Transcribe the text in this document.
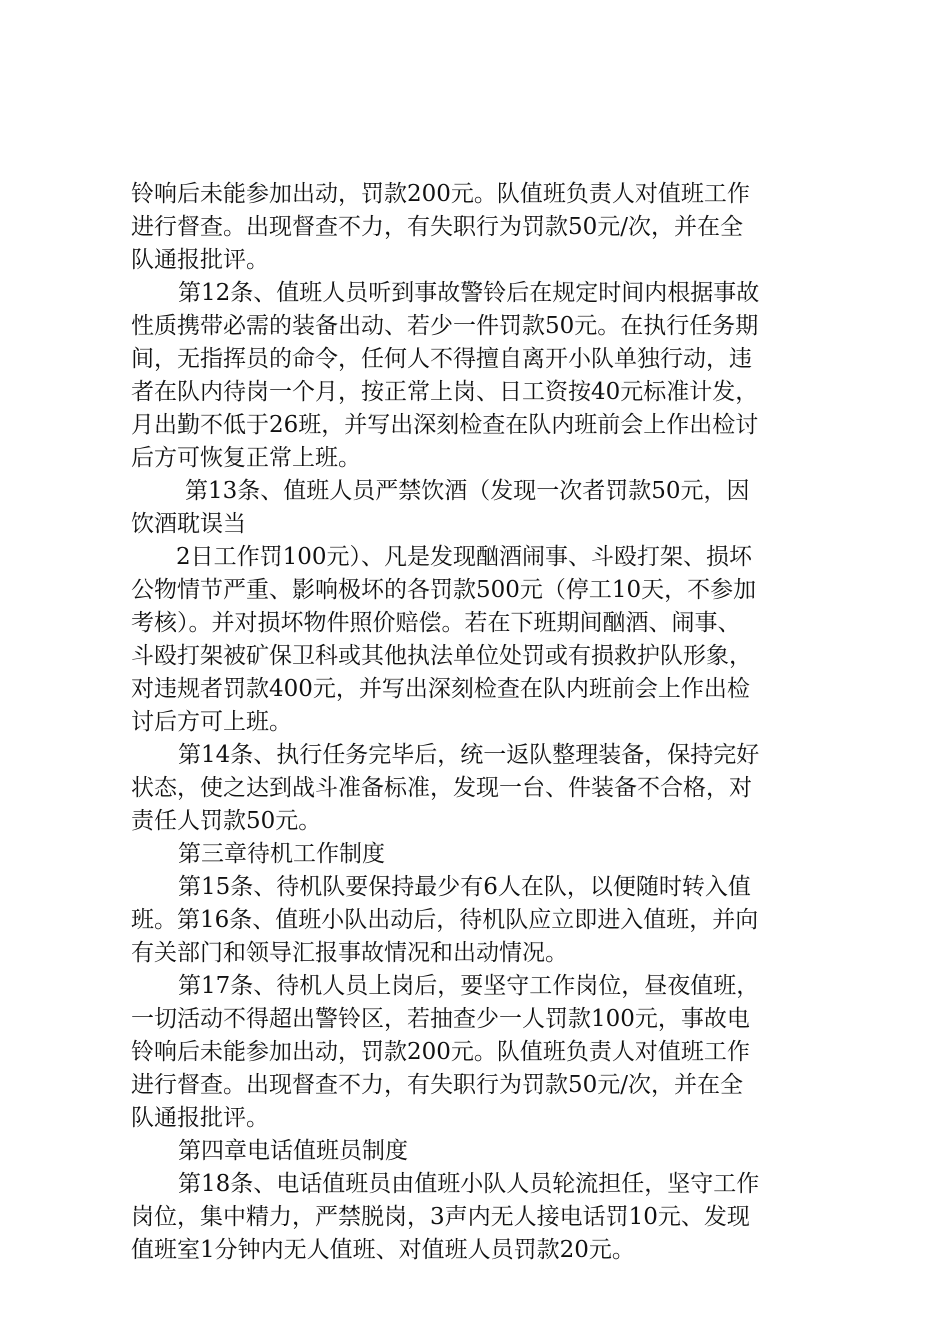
铃响后未能参加出动，罚款200元。队值班负责人对值班工作
进行督查。出现督查不力，有失职行为罚款50元/次，并在全
队通报批评。
第12条、值班人员听到事故警铃后在规定时间内根据事故
性质携带必需的装备出动、若少一件罚款50元。在执行任务期
间，无指挥员的命令，任何人不得擅自离开小队单独行动，违
者在队内待岗一个月，按正常上岗、日工资按40元标准计发，
月出勤不低于26班，并写出深刻检查在队内班前会上作出检讨
后方可恢复正常上班。
第13条、值班人员严禁饮酒（发现一次者罚款50元，因
饮酒耽误当
2日工作罚100元）、凡是发现酗酒闹事、斗殴打架、损坏
公物情节严重、影响极坏的各罚款500元（停工10天，不参加
考核）。并对损坏物件照价赔偿。若在下班期间酗酒、闹事、
斗殴打架被矿保卫科或其他执法单位处罚或有损救护队形象，
对违规者罚款400元，并写出深刻检查在队内班前会上作出检
讨后方可上班。
第14条、执行任务完毕后，统一返队整理装备，保持完好
状态，使之达到战斗准备标准，发现一台、件装备不合格，对
责任人罚款50元。
第三章待机工作制度
第15条、待机队要保持最少有6人在队，以便随时转入值
班。第16条、值班小队出动后，待机队应立即进入值班，并向
有关部门和领导汇报事故情况和出动情况。
第17条、待机人员上岗后，要坚守工作岗位，昼夜值班，
一切活动不得超出警铃区，若抽查少一人罚款100元，事故电
铃响后未能参加出动，罚款200元。队值班负责人对值班工作
进行督查。出现督查不力，有失职行为罚款50元/次，并在全
队通报批评。
第四章电话值班员制度
第18条、电话值班员由值班小队人员轮流担任，坚守工作
岗位，集中精力，严禁脱岗，3声内无人接电话罚10元、发现
值班室1分钟内无人值班、对值班人员罚款20元。
